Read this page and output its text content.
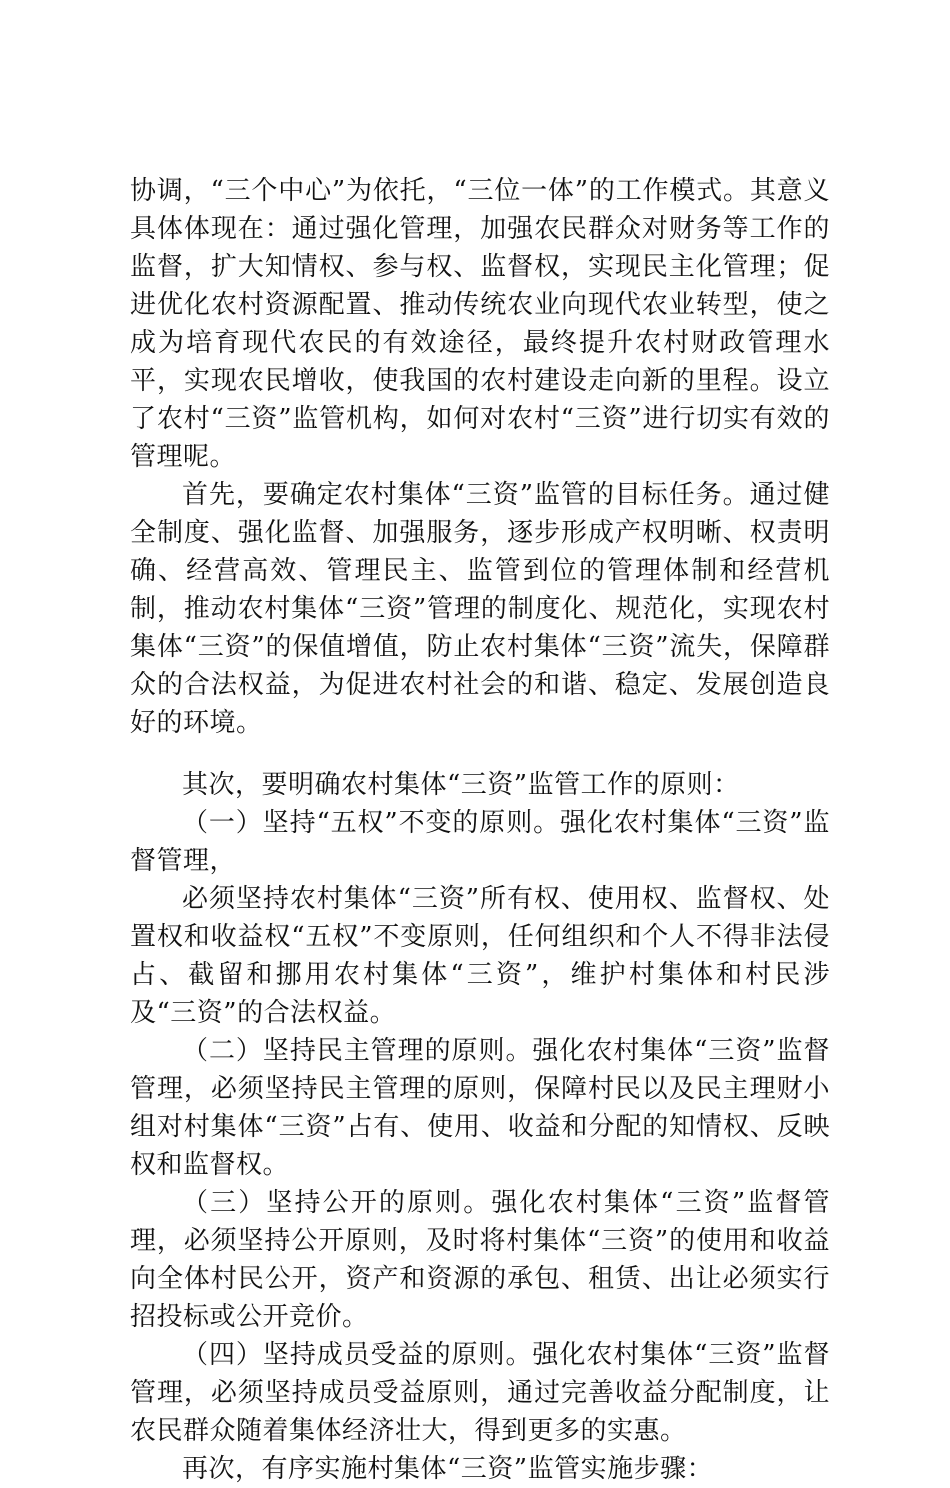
协调，“三个中心”为依托，“三位一体”的工作模式。其意义具体体现在：通过强化管理，加强农民群众对财务等工作的监督，扩大知情权、参与权、监督权，实现民主化管理；促进优化农村资源配置、推动传统农业向现代农业转型，使之成为培育现代农民的有效途径，最终提升农村财政管理水平，实现农民增收，使我国的农村建设走向新的里程。设立了农村“三资”监管机构，如何对农村“三资”进行切实有效的管理呢。

首先，要确定农村集体“三资”监管的目标任务。通过健全制度、强化监督、加强服务，逐步形成产权明晰、权责明确、经营高效、管理民主、监管到位的管理体制和经营机制，推动农村集体“三资”管理的制度化、规范化，实现农村集体“三资”的保值增值，防止农村集体“三资”流失，保障群众的合法权益，为促进农村社会的和谐、稳定、发展创造良好的环境。

其次，要明确农村集体“三资”监管工作的原则：

（一）坚持“五权”不变的原则。强化农村集体“三资”监督管理，

必须坚持农村集体“三资”所有权、使用权、监督权、处置权和收益权“五权”不变原则，任何组织和个人不得非法侵占、截留和挪用农村集体“三资”，维护村集体和村民涉及“三资”的合法权益。

（二）坚持民主管理的原则。强化农村集体“三资”监督管理，必须坚持民主管理的原则，保障村民以及民主理财小组对村集体“三资”占有、使用、收益和分配的知情权、反映权和监督权。

（三）坚持公开的原则。强化农村集体“三资”监督管理，必须坚持公开原则，及时将村集体“三资”的使用和收益向全体村民公开，资产和资源的承包、租赁、出让必须实行招投标或公开竞价。

（四）坚持成员受益的原则。强化农村集体“三资”监督管理，必须坚持成员受益原则，通过完善收益分配制度，让农民群众随着集体经济壮大，得到更多的实惠。

再次，有序实施村集体“三资”监管实施步骤：
